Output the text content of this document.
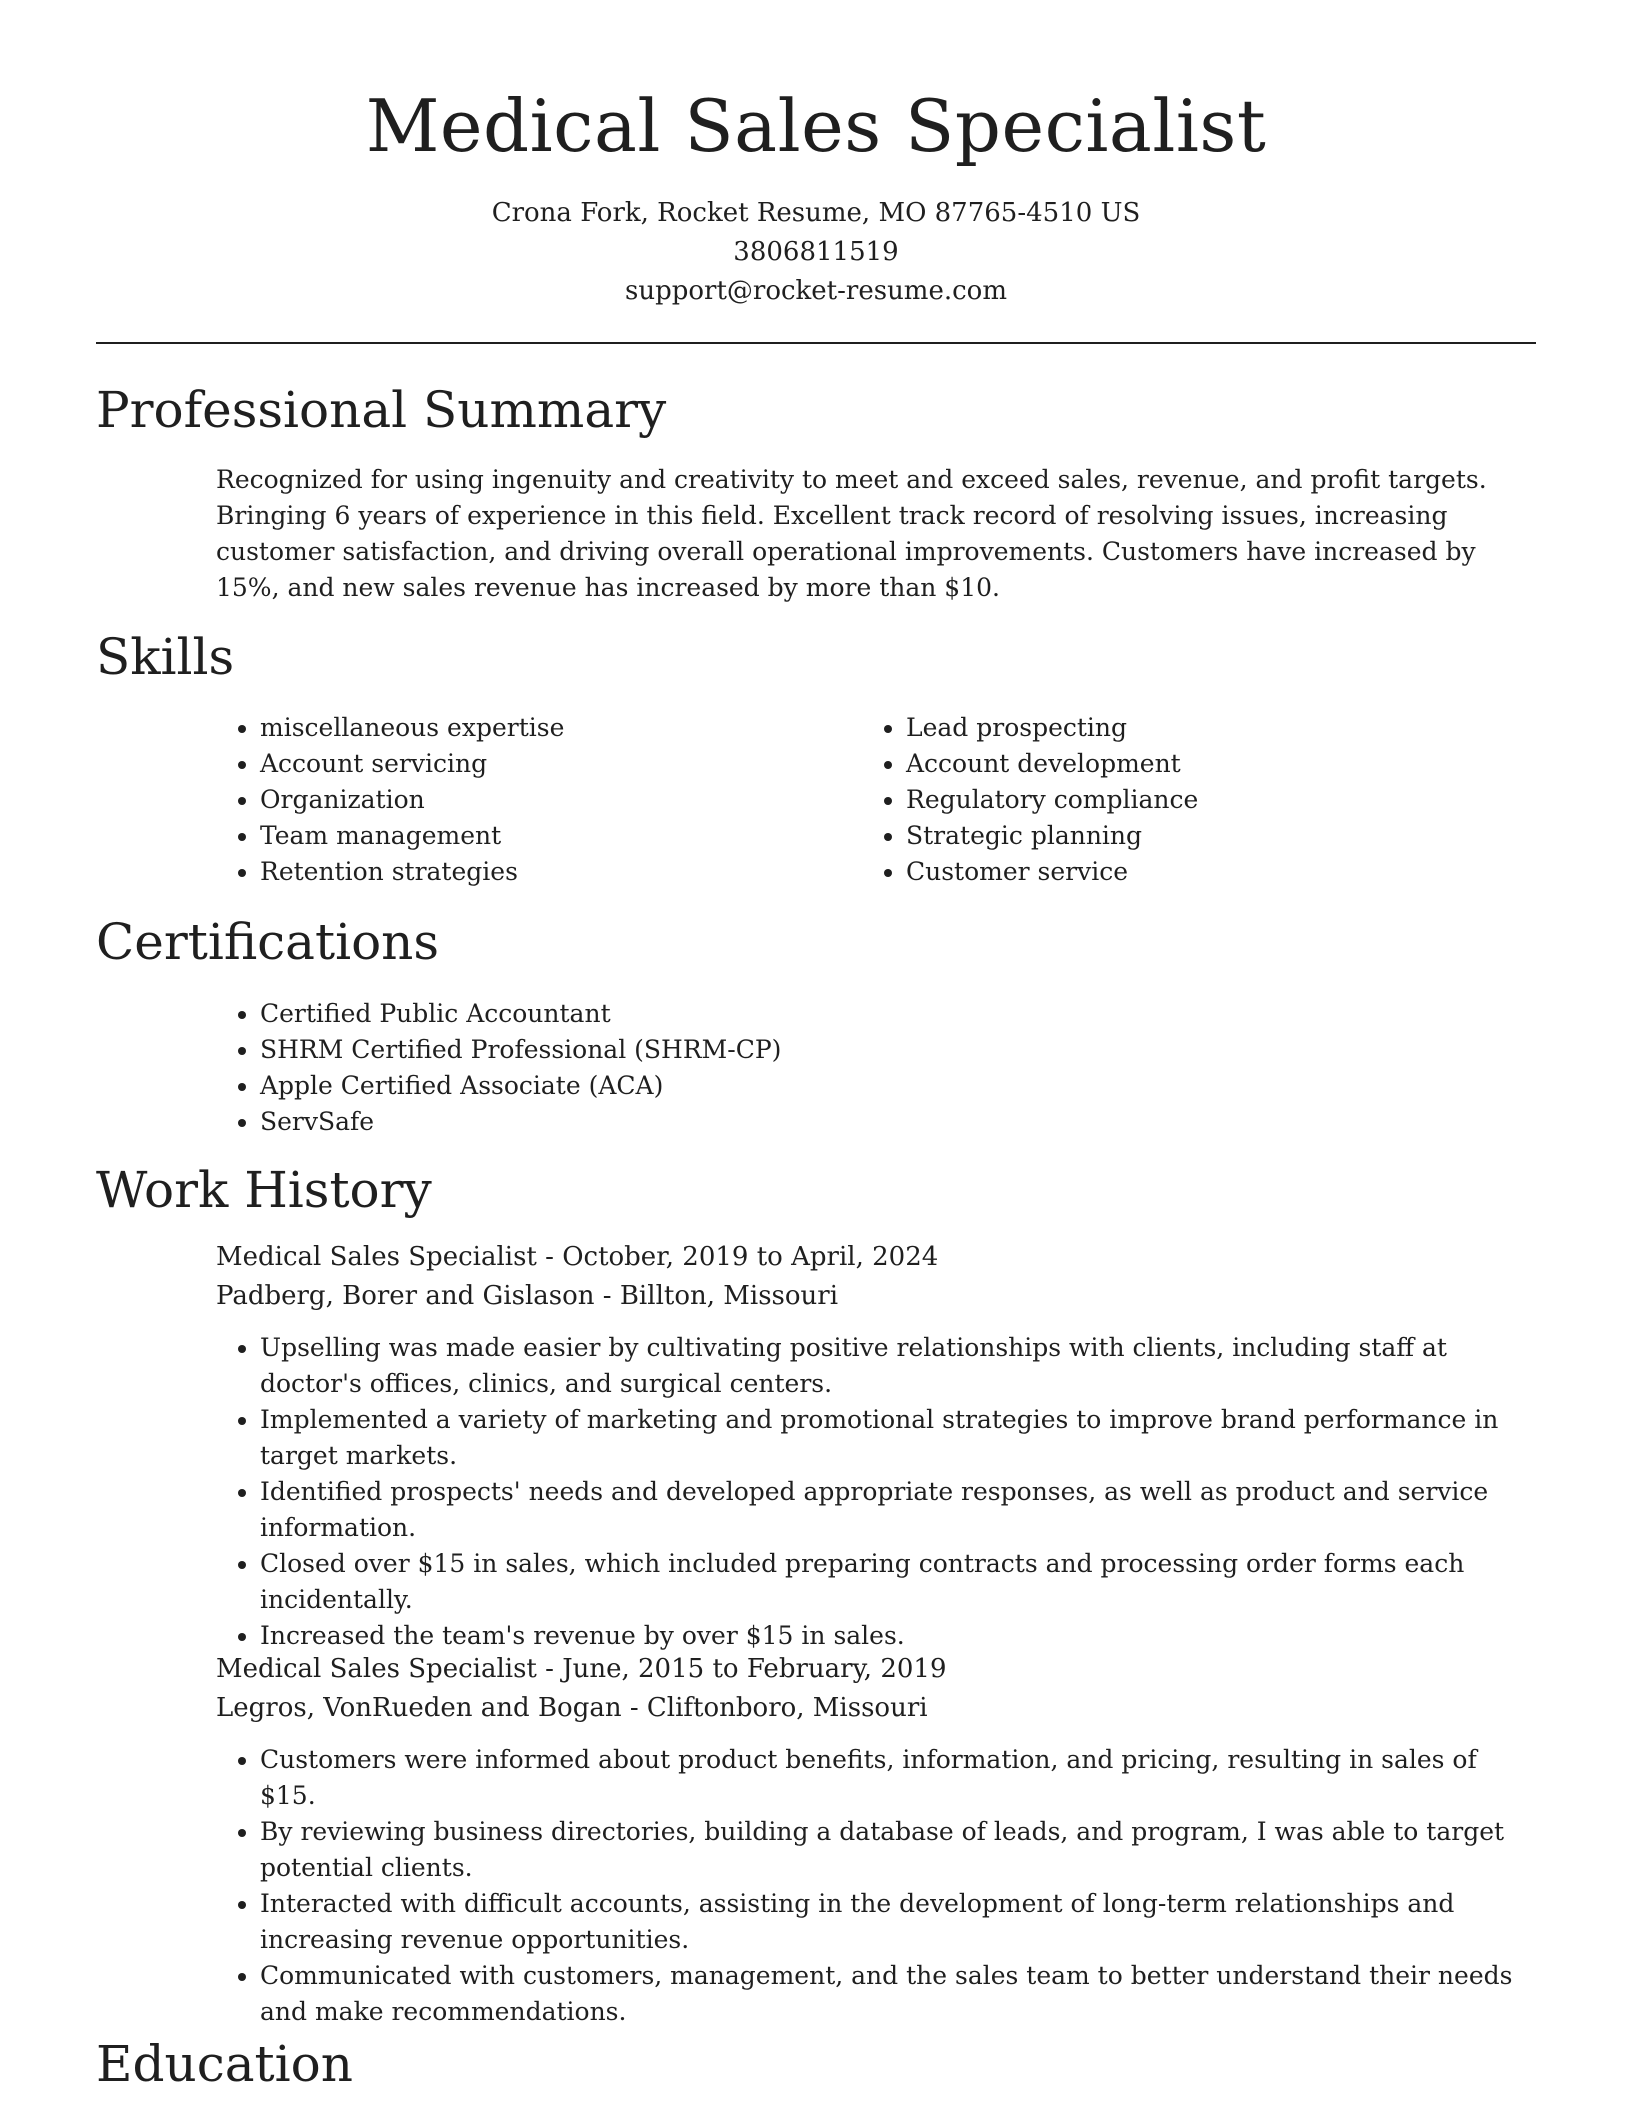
Medical Sales Specialist
Crona Fork, Rocket Resume, MO 87765-4510 US
3806811519
support@rocket-resume.com
Professional Summary

Recognized for using ingenuity and creativity to meet and exceed sales, revenue, and profit targets. Bringing 6 years of experience in this field. Excellent track record of resolving issues, increasing customer satisfaction, and driving overall operational improvements. Customers have increased by 15%, and new sales revenue has increased by more than $10.

Skills
• miscellaneous expertise
• Account servicing
• Organization
• Team management
• Retention strategies
• Lead prospecting
• Account development
• Regulatory compliance
• Strategic planning
• Customer service
Certifications
• Certified Public Accountant
• SHRM Certified Professional (SHRM-CP)
• Apple Certified Associate (ACA)
• ServSafe
Work History
Medical Sales Specialist - October, 2019 to April, 2024
Padberg, Borer and Gislason - Billton, Missouri
• Upselling was made easier by cultivating positive relationships with clients, including staff at doctor's offices, clinics, and surgical centers.
• Implemented a variety of marketing and promotional strategies to improve brand performance in target markets.
• Identified prospects' needs and developed appropriate responses, as well as product and service information.
• Closed over $15 in sales, which included preparing contracts and processing order forms each incidentally.
• Increased the team's revenue by over $15 in sales.
Medical Sales Specialist - June, 2015 to February, 2019
Legros, VonRueden and Bogan - Cliftonboro, Missouri
• Customers were informed about product benefits, information, and pricing, resulting in sales of $15.
• By reviewing business directories, building a database of leads, and program, I was able to target potential clients.
• Interacted with difficult accounts, assisting in the development of long-term relationships and increasing revenue opportunities.
• Communicated with customers, management, and the sales team to better understand their needs and make recommendations.
Education
